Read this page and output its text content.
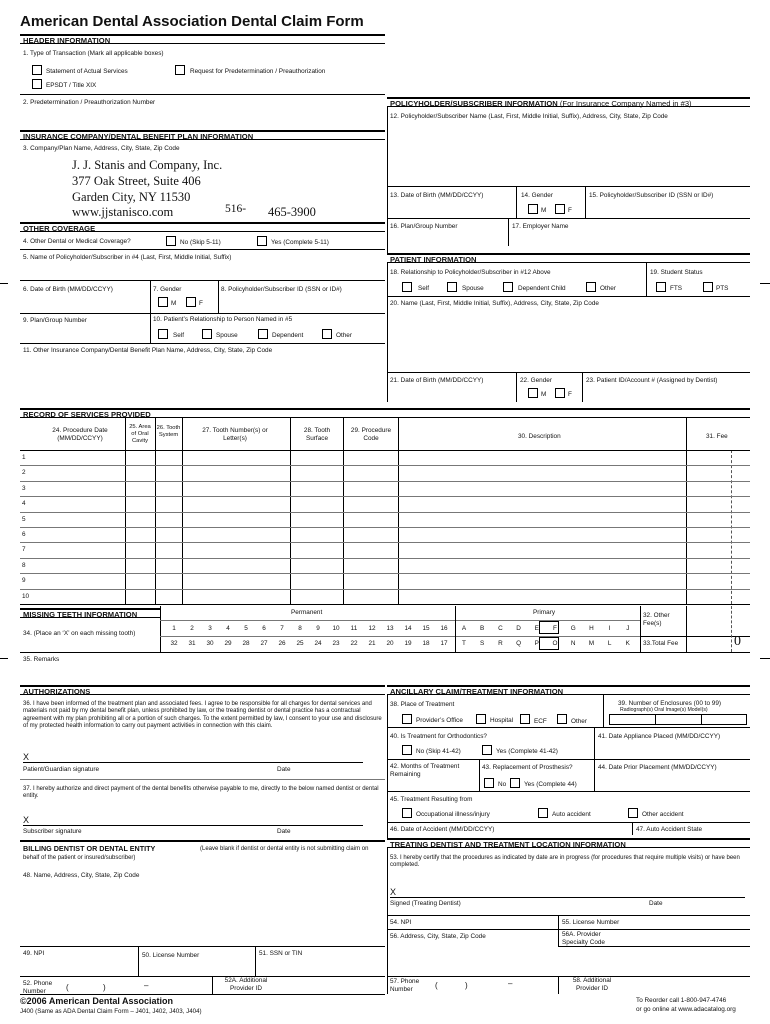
American Dental Association Dental Claim Form
HEADER INFORMATION
1. Type of Transaction (Mark all applicable boxes)
Statement of Actual Services	Request for Predetermination / Preauthorization
EPSDT / Title XIX
2. Predetermination / Preauthorization Number
INSURANCE COMPANY/DENTAL BENEFIT PLAN INFORMATION
3. Company/Plan Name, Address, City, State, Zip Code
J. J. Stanis and Company, Inc.
377 Oak Street, Suite 406
Garden City, NY 11530
www.jjstanisco.com	516- 465-3900
OTHER COVERAGE
4. Other Dental or Medical Coverage?	No (Skip 5-11)	Yes (Complete 5-11)
5. Name of Policyholder/Subscriber in #4 (Last, First, Middle Initial, Suffix)
6. Date of Birth (MM/DD/CCYY)	7. Gender
M	F
8. Policyholder/Subscriber ID (SSN or ID#)
9. Plan/Group Number	10. Patient’s Relationship to Person Named in #5
Self	Spouse	Dependent	Other
11. Other Insurance Company/Dental Benefit Plan Name, Address, City, State, Zip Code
POLICYHOLDER/SUBSCRIBER INFORMATION (For Insurance Company Named in #3)
12. Policyholder/Subscriber Name (Last, First, Middle Initial, Suffix), Address, City, State, Zip Code
13. Date of Birth (MM/DD/CCYY)	14. Gender
M	F
15. Policyholder/Subscriber ID (SSN or ID#)
16. Plan/Group Number	17. Employer Name
PATIENT INFORMATION
18. Relationship to Policyholder/Subscriber in #12 Above	19. Student Status
Self	Spouse	Dependent Child	Other	FTS	PTS
20. Name (Last, First, Middle Initial, Suffix), Address, City, State, Zip Code
21. Date of Birth (MM/DD/CCYY)	22. Gender
M	F
23. Patient ID/Account # (Assigned by Dentist)
RECORD OF SERVICES PROVIDED
24. Procedure Date (MM/DD/CCYY)
25. Area of Oral Cavity
26. Tooth System
27. Tooth Number(s) or Letter(s)
28. Tooth Surface
29. Procedure Code	30. Description	31. Fee
1
2
3
4
5
6
7
8
9
10
MISSING TEETH INFORMATION	Permanent	Primary
34. (Place an ‘X’ on each missing tooth)
1	2	3	4	5	6	7	8	9	10	11	12	13	14	15	16
32	31	30	29	28	27	26	25	24	23	22	21	20	19	18	17
A	B	C	D	E	F	G	H	I	J
T	S	R	Q	P	O	N	M	L	K
32. Other Fee(s)
33.Total Fee	0
35. Remarks
AUTHORIZATIONS
36. I have been informed of the treatment plan and associated fees. I agree to be responsible for all charges for dental services and materials not paid by my dental benefit plan, unless prohibited by law, or the treating dentist or dental practice has a contractual agreement with my plan prohibiting all or a portion of such charges. To the extent permitted by law, I consent to your use and disclosure of my protected health information to carry out payment activities in connection with this claim.
X
Patient/Guardian signature	Date
37. I hereby authorize and direct payment of the dental benefits otherwise payable to me, directly to the below named dentist or dental entity.
X
Subscriber signature	Date
BILLING DENTIST OR DENTAL ENTITY	(Leave blank if dentist or dental entity is not submitting claim on behalf of the patient or insured/subscriber)
48. Name, Address, City, State, Zip Code
49. NPI	50. License Number	51. SSN or TIN
52. Phone Number	(	)	–
52A. Additional Provider ID
ANCILLARY CLAIM/TREATMENT INFORMATION
38. Place of Treatment
Provider’s Office	Hospital	ECF	Other
39. Number of Enclosures (00 to 99)
Radiograph(s) Oral Image(s) Model(s)
40. Is Treatment for Orthodontics?
No (Skip 41-42)	Yes (Complete 41-42)
41. Date Appliance Placed (MM/DD/CCYY)
42. Months of Treatment Remaining
43. Replacement of Prosthesis?
No	Yes (Complete 44)
44. Date Prior Placement (MM/DD/CCYY)
45. Treatment Resulting from
Occupational illness/injury	Auto accident	Other accident
46. Date of Accident (MM/DD/CCYY)	47. Auto Accident State
TREATING DENTIST AND TREATMENT LOCATION INFORMATION
53. I hereby certify that the procedures as indicated by date are in progress (for procedures that require multiple visits) or have been completed.
X
Signed (Treating Dentist)	Date
54. NPI	55. License Number
56. Address, City, State, Zip Code	56A. Provider Specialty Code
57. Phone Number	(	)	–	58. Additional Provider ID
©2006 American Dental Association
J400 (Same as ADA Dental Claim Form – J401, J402, J403, J404)
To Reorder call 1-800-947-4746
or go online at www.adacatalog.org
